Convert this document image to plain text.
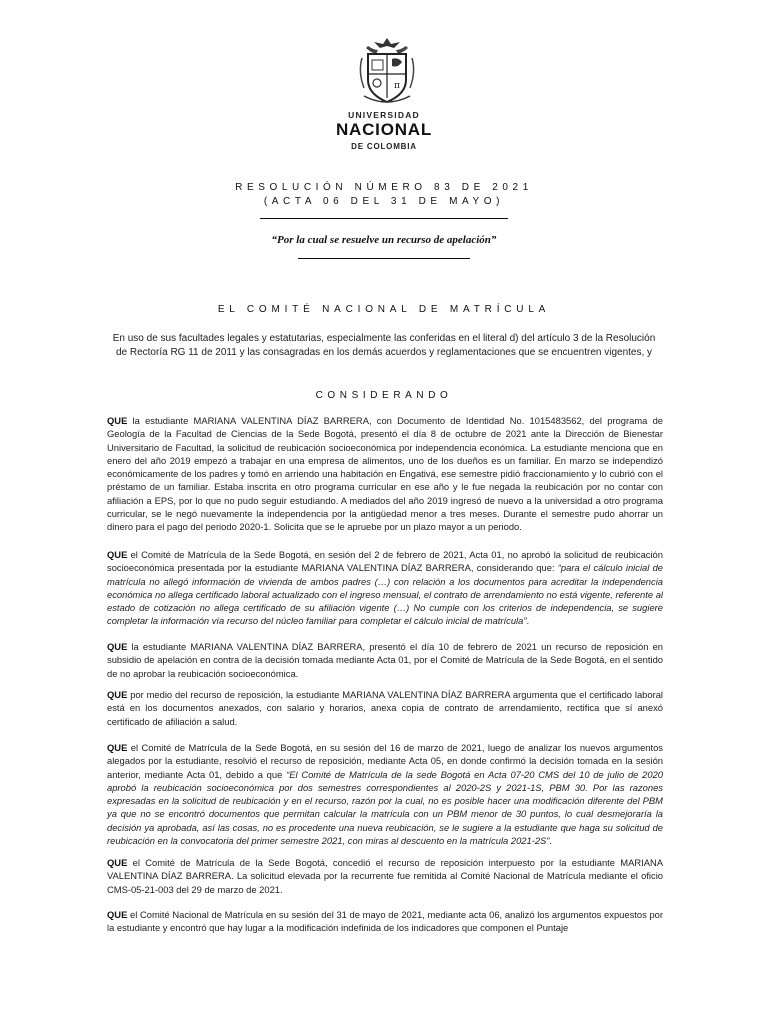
π
UNIVERSIDAD
NACIONAL
DE COLOMBIA
RESOLUCIÓN NÚMERO 83 DE 2021
(ACTA 06 DEL 31 DE MAYO)
“Por la cual se resuelve un recurso de apelación”
EL COMITÉ NACIONAL DE MATRÍCULA
En uso de sus facultades legales y estatutarias, especialmente las conferidas en el literal d) del artículo 3 de la Resolución de Rectoría RG 11 de 2011 y las consagradas en los demás acuerdos y reglamentaciones que se encuentren vigentes, y
CONSIDERANDO

QUE la estudiante MARIANA VALENTINA DÍAZ BARRERA, con Documento de Identidad No. 1015483562, del programa de Geología de la Facultad de Ciencias de la Sede Bogotá, presentó el día 8 de octubre de 2021 ante la Dirección de Bienestar Universitario de Facultad, la solicitud de reubicación socioeconómica por independencia económica. La estudiante menciona que en enero del año 2019 empezó a trabajar en una empresa de alimentos, uno de los dueños es un familiar. En marzo se independizó económicamente de los padres y tomó en arriendo una habitación en Engativá, ese semestre pidió fraccionamiento y lo cubrió con el préstamo de un familiar. Estaba inscrita en otro programa curricular en ese año y le fue negada la reubicación por no contar con afiliación a EPS, por lo que no pudo seguir estudiando. A mediados del año 2019 ingresó de nuevo a la universidad a otro programa curricular, se le negó nuevamente la independencia por la antigüedad menor a tres meses. Durante el semestre pudo ahorrar un dinero para el pago del periodo 2020-1. Solicita que se le apruebe por un plazo mayor a un periodo.

QUE el Comité de Matrícula de la Sede Bogotá, en sesión del 2 de febrero de 2021, Acta 01, no aprobó la solicitud de reubicación socioeconómica presentada por la estudiante MARIANA VALENTINA DÍAZ BARRERA, considerando que: “para el cálculo inicial de matrícula no allegó información de vivienda de ambos padres (…) con relación a los documentos para acreditar la independencia económica no allega certificado laboral actualizado con el ingreso mensual, el contrato de arrendamiento no está vigente, referente al estado de cotización no allega certificado de su afiliación vigente (…) No cumple con los criterios de independencia, se sugiere completar la información vía recurso del núcleo familiar para completar el cálculo inicial de matrícula”.

QUE la estudiante MARIANA VALENTINA DÍAZ BARRERA, presentó el día 10 de febrero de 2021 un recurso de reposición en subsidio de apelación en contra de la decisión tomada mediante Acta 01, por el Comité de Matrícula de la Sede Bogotá, en el sentido de no aprobar la reubicación socioeconómica.

QUE por medio del recurso de reposición, la estudiante MARIANA VALENTINA DÍAZ BARRERA argumenta que el certificado laboral está en los documentos anexados, con salario y horarios, anexa copia de contrato de arrendamiento, rectifica que sí anexó certificado de afiliación a salud.

QUE el Comité de Matrícula de la Sede Bogotá, en su sesión del 16 de marzo de 2021, luego de analizar los nuevos argumentos alegados por la estudiante, resolvió el recurso de reposición, mediante Acta 05, en donde confirmó la decisión tomada en la sesión anterior, mediante Acta 01, debido a que “El Comité de Matrícula de la sede Bogotá en Acta 07-20 CMS del 10 de julio de 2020 aprobó la reubicación socioeconómica por dos semestres correspondientes al 2020-2S y 2021-1S, PBM 30. Por las razones expresadas en la solicitud de reubicación y en el recurso, razón por la cual, no es posible hacer una modificación diferente del PBM ya que no se encontró documentos que permitan calcular la matrícula con un PBM menor de 30 puntos, lo cual desmejoraría la decisión ya aprobada, así las cosas, no es procedente una nueva reubicación, se le sugiere a la estudiante que haga su solicitud de reubicación en la convocatoria del primer semestre 2021, con miras al descuento en la matrícula 2021-2S”.

QUE el Comité de Matrícula de la Sede Bogotá, concedió el recurso de reposición interpuesto por la estudiante MARIANA VALENTINA DÍAZ BARRERA. La solicitud elevada por la recurrente fue remitida al Comité Nacional de Matrícula mediante el oficio CMS-05-21-003 del 29 de marzo de 2021.

QUE el Comité Nacional de Matrícula en su sesión del 31 de mayo de 2021, mediante acta 06, analizó los argumentos expuestos por la estudiante y encontró que hay lugar a la modificación indefinida de los indicadores que componen el Puntaje
